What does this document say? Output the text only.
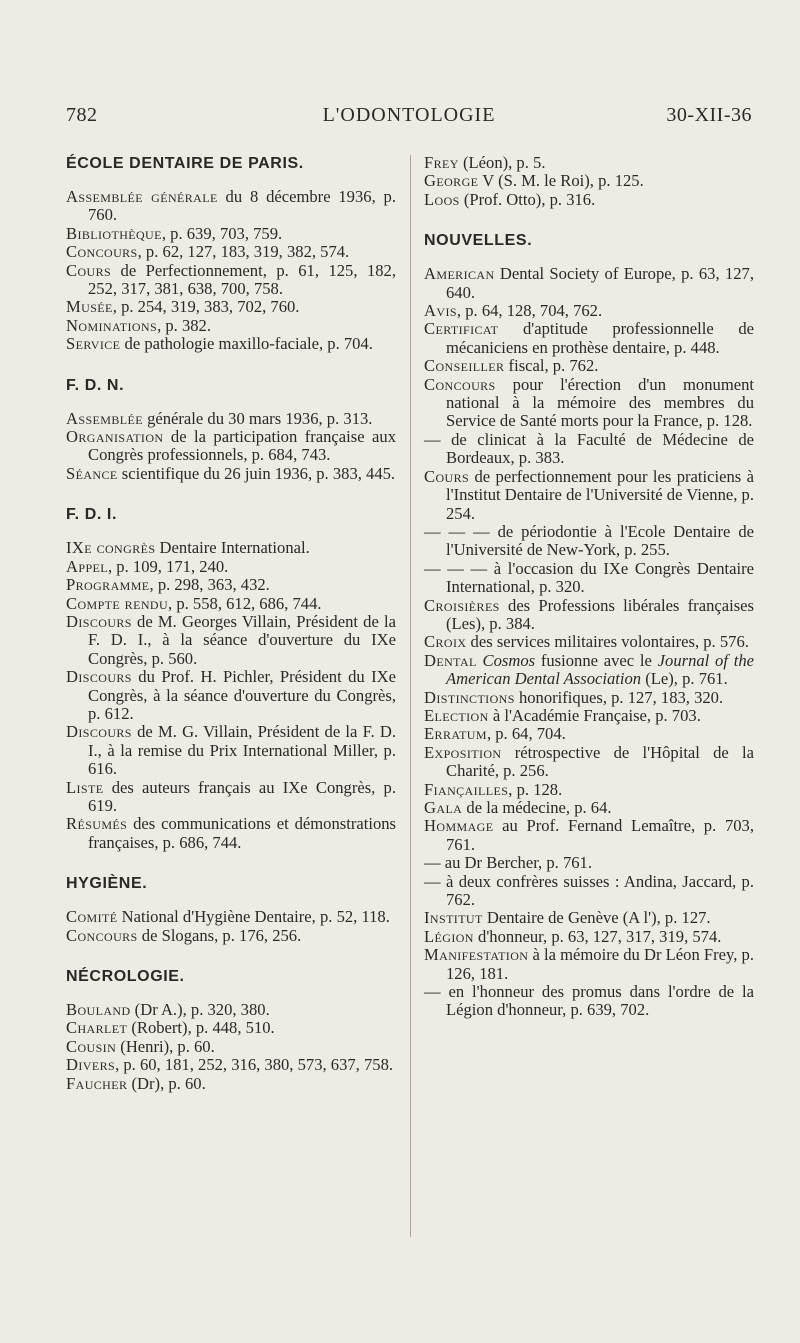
782	L'ODONTOLOGIE	30-XII-36
ÉCOLE DENTAIRE DE PARIS.

Assemblée générale du 8 décembre 1936, p. 760.

Bibliothèque, p. 639, 703, 759.

Concours, p. 62, 127, 183, 319, 382, 574.

Cours de Perfectionnement, p. 61, 125, 182, 252, 317, 381, 638, 700, 758.

Musée, p. 254, 319, 383, 702, 760.

Nominations, p. 382.

Service de pathologie maxillo-faciale, p. 704.

F. D. N.

Assemblée générale du 30 mars 1936, p. 313.

Organisation de la participation française aux Congrès professionnels, p. 684, 743.

Séance scientifique du 26 juin 1936, p. 383, 445.

F. D. I.

IXe congrès Dentaire International.

Appel, p. 109, 171, 240.

Programme, p. 298, 363, 432.

Compte rendu, p. 558, 612, 686, 744.

Discours de M. Georges Villain, Président de la F. D. I., à la séance d'ouverture du IXe Congrès, p. 560.

Discours du Prof. H. Pichler, Président du IXe Congrès, à la séance d'ouverture du Congrès, p. 612.

Discours de M. G. Villain, Président de la F. D. I., à la remise du Prix International Miller, p. 616.

Liste des auteurs français au IXe Congrès, p. 619.

Résumés des communications et démonstrations françaises, p. 686, 744.

HYGIÈNE.

Comité National d'Hygiène Dentaire, p. 52, 118.

Concours de Slogans, p. 176, 256.

NÉCROLOGIE.

Bouland (Dr A.), p. 320, 380.

Charlet (Robert), p. 448, 510.

Cousin (Henri), p. 60.

Divers, p. 60, 181, 252, 316, 380, 573, 637, 758.

Faucher (Dr), p. 60.

Frey (Léon), p. 5.

George V (S. M. le Roi), p. 125.

Loos (Prof. Otto), p. 316.

NOUVELLES.

American Dental Society of Europe, p. 63, 127, 640.

Avis, p. 64, 128, 704, 762.

Certificat d'aptitude professionnelle de mécaniciens en prothèse dentaire, p. 448.

Conseiller fiscal, p. 762.

Concours pour l'érection d'un monument national à la mémoire des membres du Service de Santé morts pour la France, p. 128.

— de clinicat à la Faculté de Médecine de Bordeaux, p. 383.

Cours de perfectionnement pour les praticiens à l'Institut Dentaire de l'Université de Vienne, p. 254.

— — — de périodontie à l'Ecole Dentaire de l'Université de New-York, p. 255.

— — — à l'occasion du IXe Congrès Dentaire International, p. 320.

Croisières des Professions libérales françaises (Les), p. 384.

Croix des services militaires volontaires, p. 576.

Dental Cosmos fusionne avec le Journal of the American Dental Association (Le), p. 761.

Distinctions honorifiques, p. 127, 183, 320.

Election à l'Académie Française, p. 703.

Erratum, p. 64, 704.

Exposition rétrospective de l'Hôpital de la Charité, p. 256.

Fiançailles, p. 128.

Gala de la médecine, p. 64.

Hommage au Prof. Fernand Lemaître, p. 703, 761.

— au Dr Bercher, p. 761.

— à deux confrères suisses : Andina, Jaccard, p. 762.

Institut Dentaire de Genève (A l'), p. 127.

Légion d'honneur, p. 63, 127, 317, 319, 574.

Manifestation à la mémoire du Dr Léon Frey, p. 126, 181.

— en l'honneur des promus dans l'ordre de la Légion d'honneur, p. 639, 702.
